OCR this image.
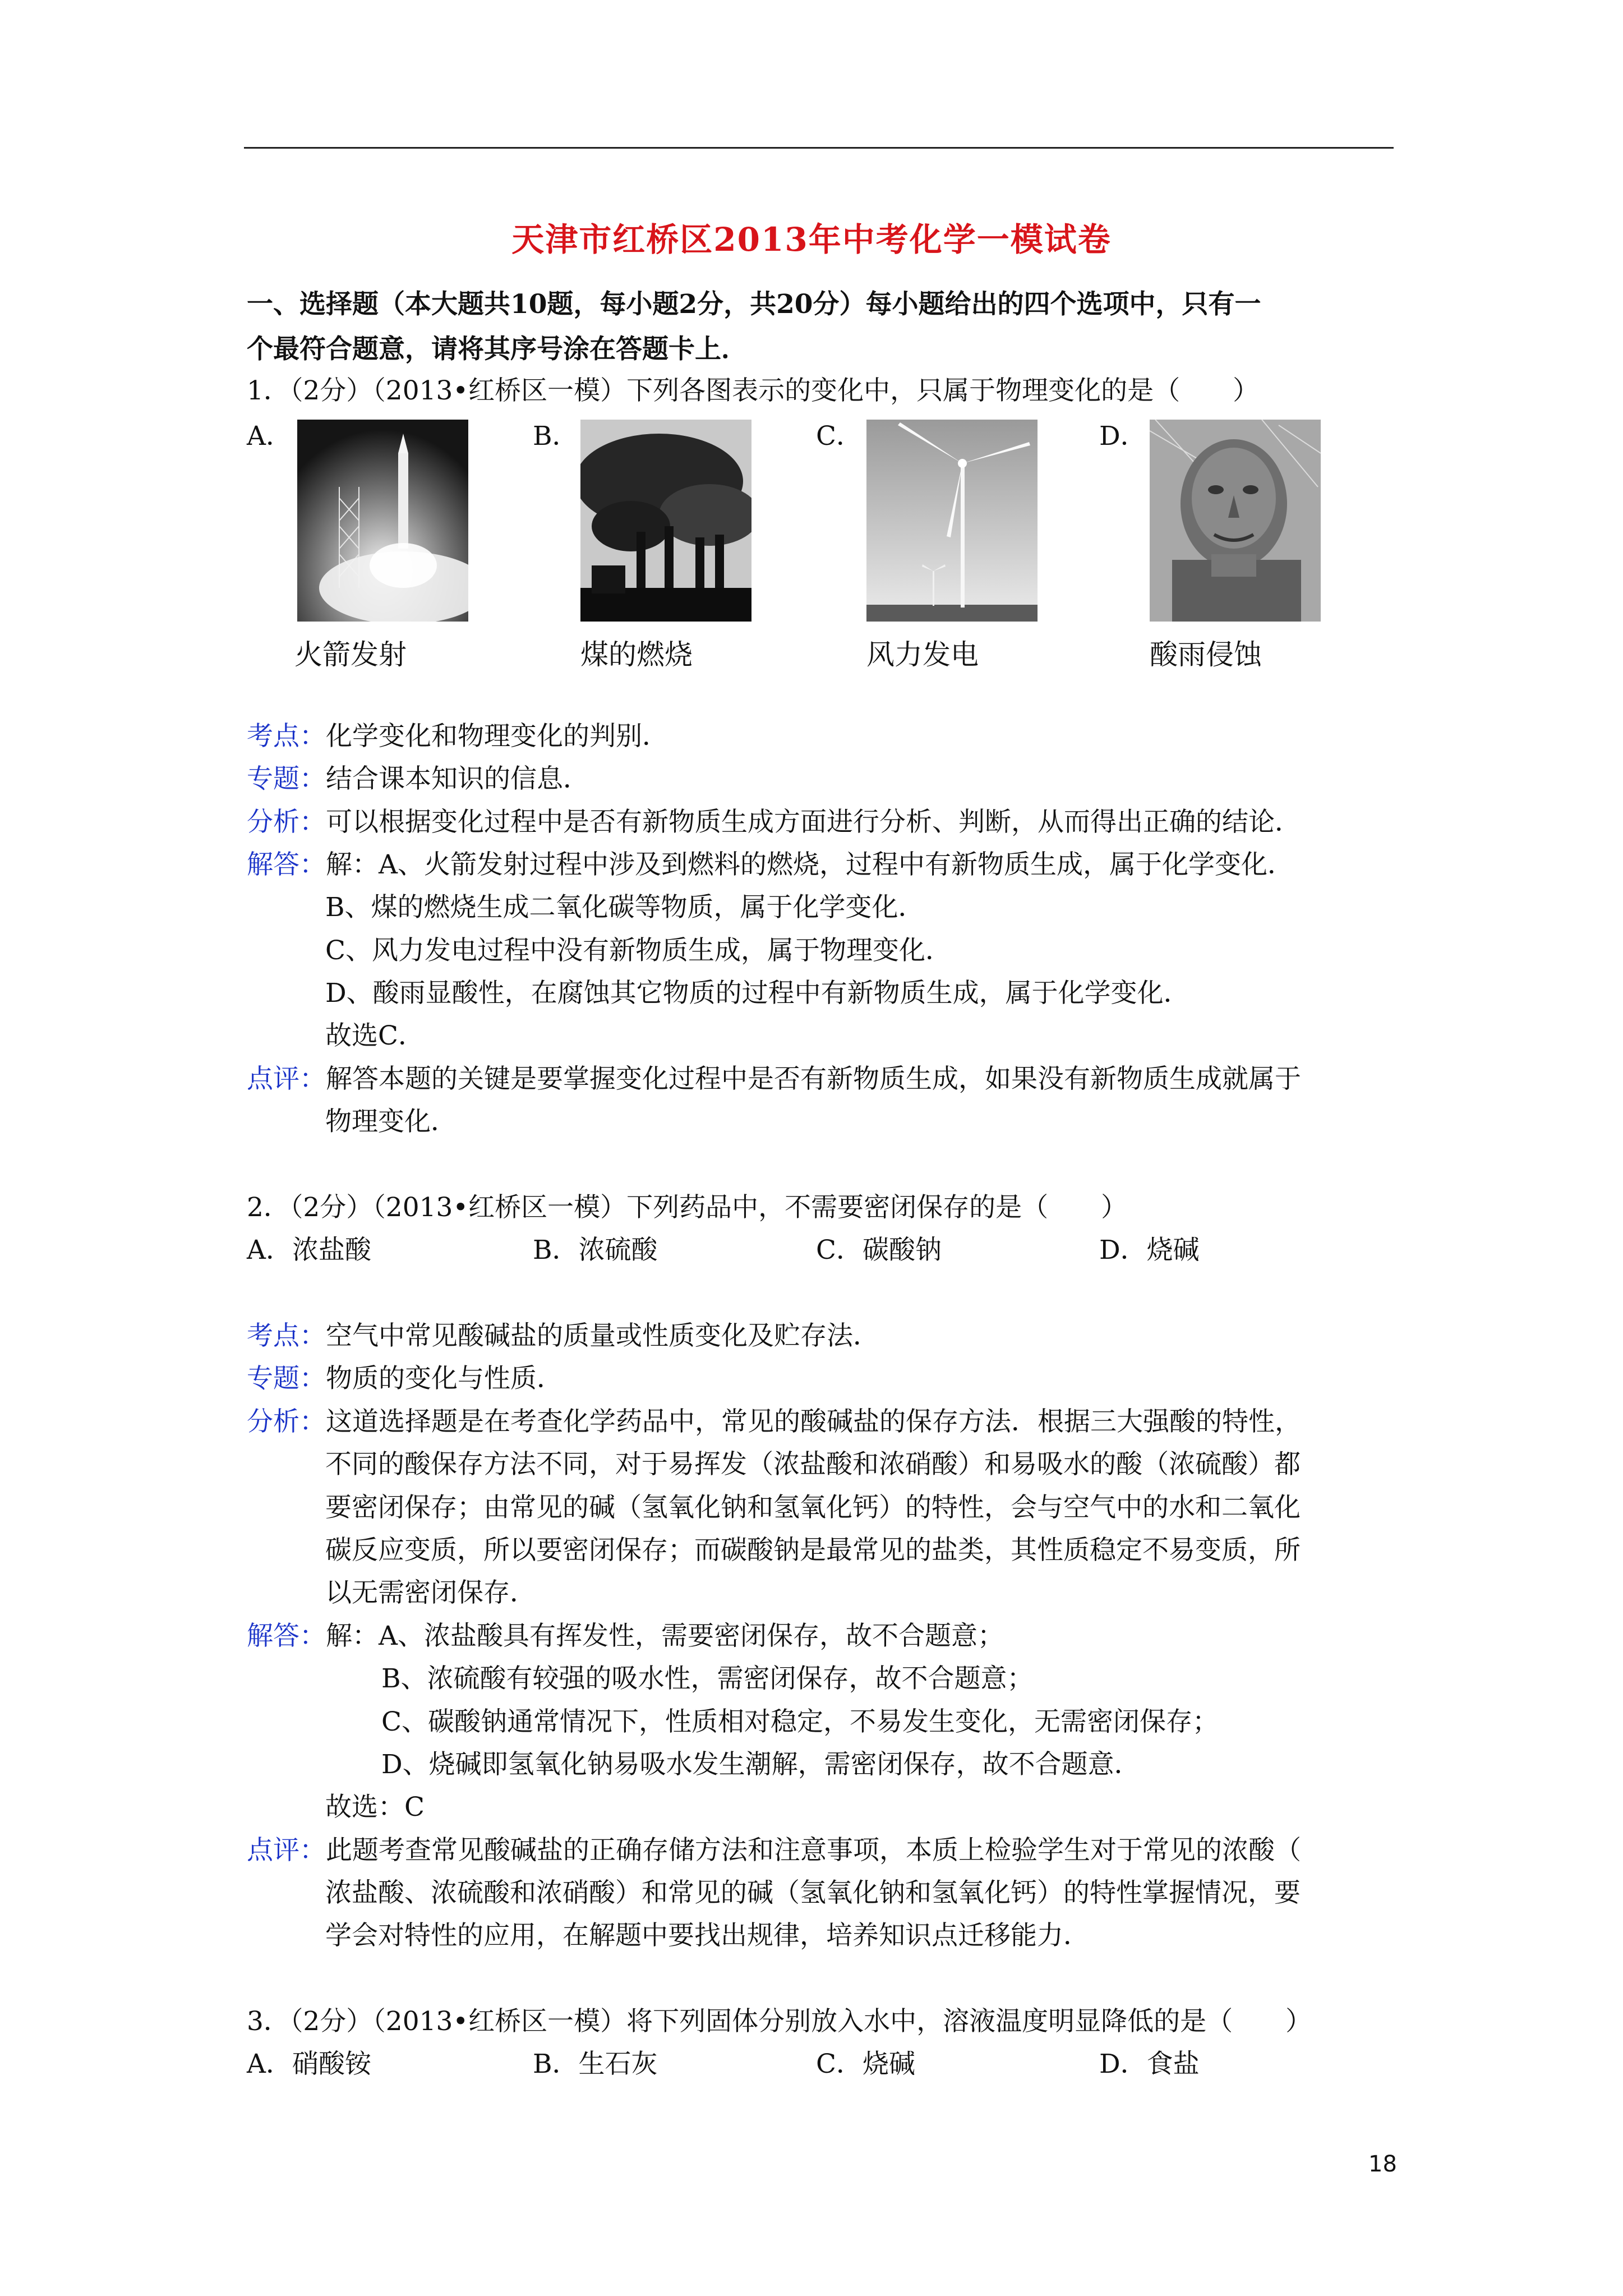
天津市红桥区2013年中考化学一模试卷
一、选择题（本大题共10题，每小题2分，共20分）每小题给出的四个选项中，只有一
个最符合题意，请将其序号涂在答题卡上．
1．（2分）（2013•红桥区一模）下列各图表示的变化中，只属于物理变化的是（　　）
A．	B．	C．	D．
火箭发射	煤的燃烧	风力发电	酸雨侵蚀
考点：化学变化和物理变化的判别．
专题：结合课本知识的信息．
分析：可以根据变化过程中是否有新物质生成方面进行分析、判断，从而得出正确的结论．
解答：解：A、火箭发射过程中涉及到燃料的燃烧，过程中有新物质生成，属于化学变化．
B、煤的燃烧生成二氧化碳等物质，属于化学变化．
C、风力发电过程中没有新物质生成，属于物理变化．
D、酸雨显酸性，在腐蚀其它物质的过程中有新物质生成，属于化学变化．
故选C．
点评：解答本题的关键是要掌握变化过程中是否有新物质生成，如果没有新物质生成就属于
物理变化．
2．（2分）（2013•红桥区一模）下列药品中，不需要密闭保存的是（　　）
A．浓盐酸	B．浓硫酸	C．碳酸钠	D．烧碱
考点：空气中常见酸碱盐的质量或性质变化及贮存法．
专题：物质的变化与性质．
分析：这道选择题是在考查化学药品中，常见的酸碱盐的保存方法．根据三大强酸的特性，
不同的酸保存方法不同，对于易挥发（浓盐酸和浓硝酸）和易吸水的酸（浓硫酸）都
要密闭保存；由常见的碱（氢氧化钠和氢氧化钙）的特性，会与空气中的水和二氧化
碳反应变质，所以要密闭保存；而碳酸钠是最常见的盐类，其性质稳定不易变质，所
以无需密闭保存．
解答：解：A、浓盐酸具有挥发性，需要密闭保存，故不合题意；
B、浓硫酸有较强的吸水性，需密闭保存，故不合题意；
C、碳酸钠通常情况下，性质相对稳定，不易发生变化，无需密闭保存；
D、烧碱即氢氧化钠易吸水发生潮解，需密闭保存，故不合题意．
故选：C
点评：此题考查常见酸碱盐的正确存储方法和注意事项，本质上检验学生对于常见的浓酸（
浓盐酸、浓硫酸和浓硝酸）和常见的碱（氢氧化钠和氢氧化钙）的特性掌握情况，要
学会对特性的应用，在解题中要找出规律，培养知识点迁移能力．
3．（2分）（2013•红桥区一模）将下列固体分别放入水中，溶液温度明显降低的是（　　）
A．硝酸铵	B．生石灰	C．烧碱	D．食盐
18
